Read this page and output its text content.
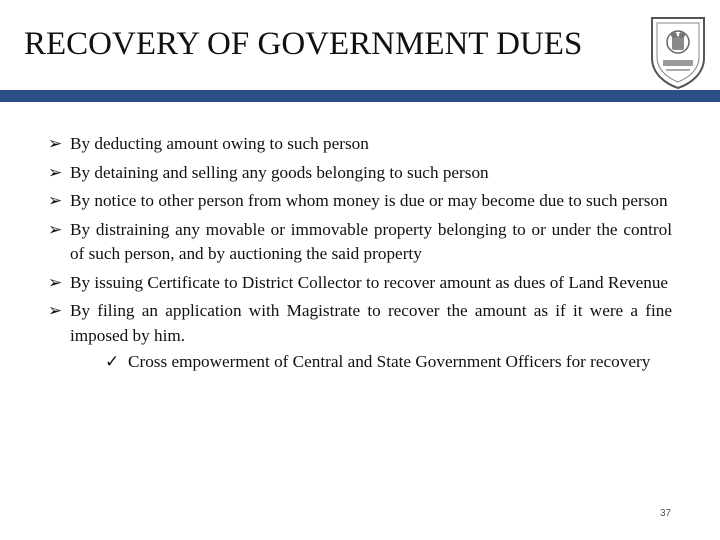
RECOVERY OF GOVERNMENT DUES
➢ By deducting amount owing to such person
➢ By detaining and selling any goods belonging to such person
➢ By notice to other person from whom money is due or may become due to such person
➢ By distraining any movable or immovable property belonging to or under the control of such person, and by auctioning the said property
➢ By issuing Certificate to District Collector to recover amount as dues of Land Revenue
➢ By filing an application with Magistrate to recover the amount as if it were a fine imposed by him.
✓ Cross empowerment of Central and State Government Officers for recovery
37
